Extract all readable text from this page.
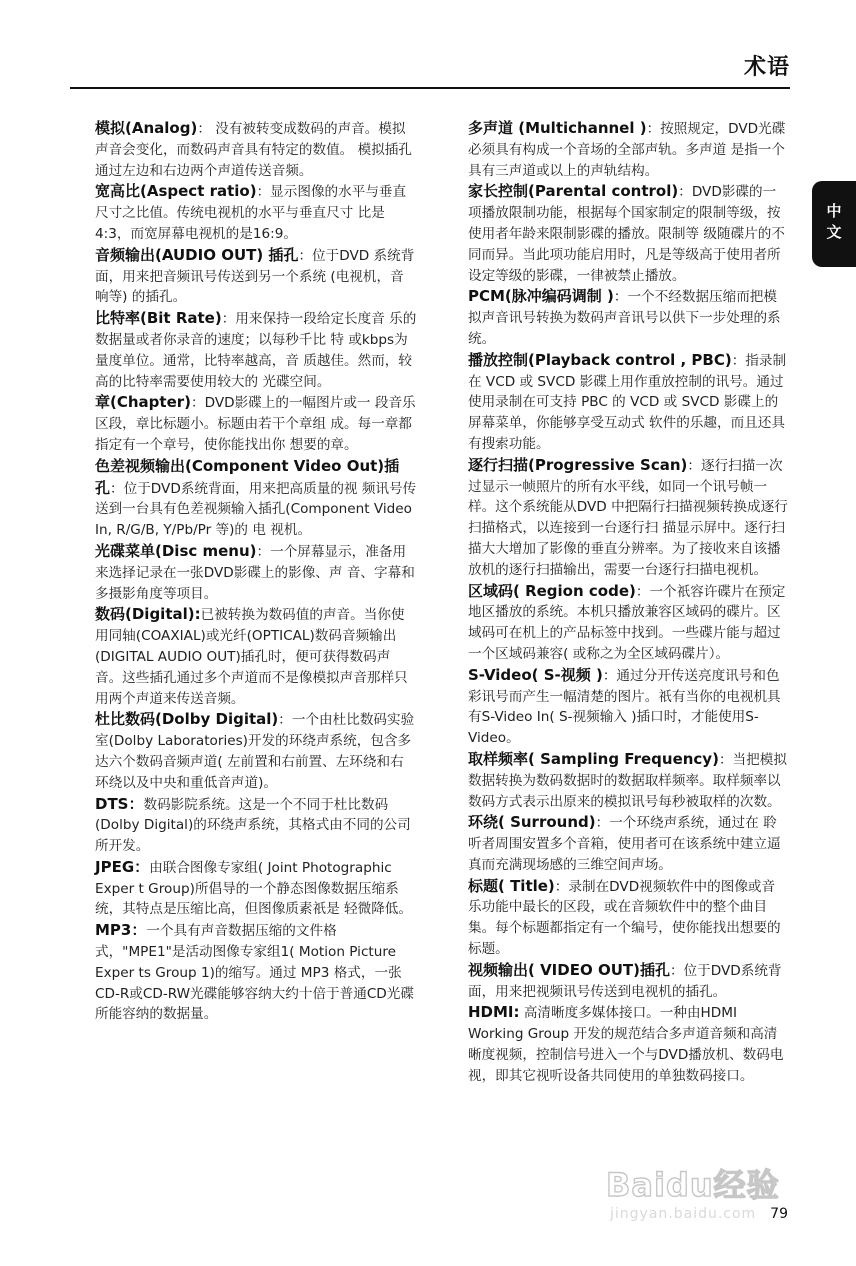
术语
中文

模拟(Analog)： 没有被转变成数码的声音。模拟声音会变化，而数码声音具有特定的数值。 模拟插孔通过左边和右边两个声道传送音频。

宽高比(Aspect ratio)：显示图像的水平与垂直尺寸之比值。传统电视机的水平与垂直尺寸 比是4:3，而宽屏幕电视机的是16:9。

音频输出(AUDIO OUT) 插孔：位于DVD 系统背面，用来把音频讯号传送到另一个系统 (电视机，音响等) 的插孔。

比特率(Bit Rate)：用来保持一段给定长度音 乐的数据量或者你录音的速度；以每秒千比 特 或kbps为量度单位。通常，比特率越高，音 质越佳。然而，较高的比特率需要使用较大的 光碟空间。

章(Chapter)：DVD影碟上的一幅图片或一 段音乐区段，章比标题小。标题由若干个章组 成。每一章都指定有一个章号，使你能找出你 想要的章。

色差视频输出(Component Video Out)插孔：位于DVD系统背面，用来把高质量的视 频讯号传送到一台具有色差视频输入插孔(Component Video In, R/G/B, Y/Pb/Pr 等)的 电 视机。

光碟菜单(Disc menu)：一个屏幕显示，准备用来选择记录在一张DVD影碟上的影像、声 音、字幕和多摄影角度等项目。

数码(Digital):已被转换为数码值的声音。当你使用同轴(COAXIAL)或光纤(OPTICAL)数码音频输出(DIGITAL AUDIO OUT)插孔时，便可获得数码声音。这些插孔通过多个声道而不是像模拟声音那样只用两个声道来传送音频。

杜比数码(Dolby Digital)：一个由杜比数码实验室(Dolby Laboratories)开发的环绕声系统，包含多达六个数码音频声道( 左前置和右前置、左环绕和右环绕以及中央和重低音声道)。

DTS：数码影院系统。这是一个不同于杜比数码(Dolby Digital)的环绕声系统，其格式由不同的公司所开发。

JPEG：由联合图像专家组( Joint Photographic Exper t Group)所倡导的一个静态图像数据压缩系统，其特点是压缩比高，但图像质素祇是 轻微降低。

MP3：一个具有声音数据压缩的文件格式，"MPE1"是活动图像专家组1( Motion Picture Exper ts Group 1)的缩写。通过 MP3 格式，一张CD-R或CD-RW光碟能够容纳大约十倍于普通CD光碟所能容纳的数据量。

多声道 (Multichannel )：按照规定，DVD光碟必须具有构成一个音场的全部声轨。多声道 是指一个具有三声道或以上的声轨结构。

家长控制(Parental control)：DVD影碟的一项播放限制功能，根据每个国家制定的限制等级，按使用者年龄来限制影碟的播放。限制等 级随碟片的不同而异。当此项功能启用时，凡是等级高于使用者所设定等级的影碟，一律被禁止播放。

PCM(脉冲编码调制 )：一个不经数据压缩而把模拟声音讯号转换为数码声音讯号以供下一步处理的系统。

播放控制(Playback control , PBC)：指录制在 VCD 或 SVCD 影碟上用作重放控制的讯号。通过使用录制在可支持 PBC 的 VCD 或 SVCD 影碟上的屏幕菜单，你能够享受互动式 软件的乐趣，而且还具有搜索功能。

逐行扫描(Progressive Scan)：逐行扫描一次过显示一帧照片的所有水平线，如同一个讯号帧一样。这个系统能从DVD 中把隔行扫描视频转换成逐行扫描格式，以连接到一台逐行扫 描显示屏中。逐行扫描大大增加了影像的垂直分辨率。为了接收来自该播放机的逐行扫描输出，需要一台逐行扫描电视机。

区域码( Region code)：一个祇容许碟片在预定地区播放的系统。本机只播放兼容区域码的碟片。区域码可在机上的产品标签中找到。一些碟片能与超过一个区域码兼容( 或称之为全区域码碟片）。

S-Video( S-视频 )：通过分开传送亮度讯号和色彩讯号而产生一幅清楚的图片。祇有当你的电视机具有S-Video In( S-视频输入 )插口时，才能使用S-Video。

取样频率( Sampling Frequency)：当把模拟数据转换为数码数据时的数据取样频率。取样频率以数码方式表示出原来的模拟讯号每秒被取样的次数。

环绕( Surround)：一个环绕声系统，通过在 聆听者周围安置多个音箱，使用者可在该系统中建立逼真而充满现场感的三维空间声场。

标题( Title)：录制在DVD视频软件中的图像或音乐功能中最长的区段，或在音频软件中的整个曲目集。每个标题都指定有一个编号，使你能找出想要的标题。

视频输出( VIDEO OUT)插孔：位于DVD系统背面，用来把视频讯号传送到电视机的插孔。

HDMI: 高清晰度多媒体接口。一种由HDMI Working Group 开发的规范结合多声道音频和高清晰度视频，控制信号进入一个与DVD播放机、数码电视，即其它视听设备共同使用的单独数码接口。

Baidu经验
jingyan.baidu.com 79
